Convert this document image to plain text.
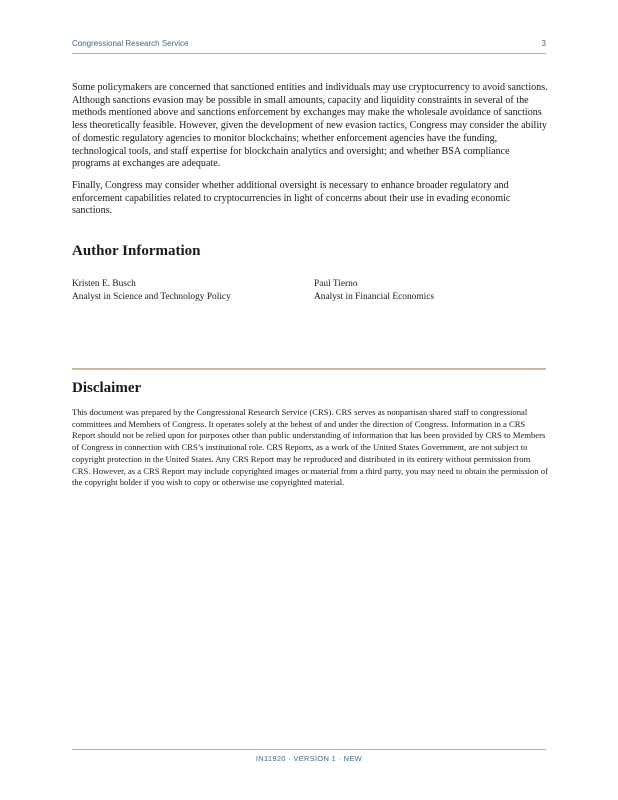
Congressional Research Service	3

Some policymakers are concerned that sanctioned entities and individuals may use cryptocurrency to avoid sanctions. Although sanctions evasion may be possible in small amounts, capacity and liquidity constraints in several of the methods mentioned above and sanctions enforcement by exchanges may make the wholesale avoidance of sanctions less theoretically feasible. However, given the development of new evasion tactics, Congress may consider the ability of domestic regulatory agencies to monitor blockchains; whether enforcement agencies have the funding, technological tools, and staff expertise for blockchain analytics and oversight; and whether BSA compliance programs at exchanges are adequate.

Finally, Congress may consider whether additional oversight is necessary to enhance broader regulatory and enforcement capabilities related to cryptocurrencies in light of concerns about their use in evading economic sanctions.

Author Information
Kristen E. Busch
Analyst in Science and Technology Policy
Paul Tierno
Analyst in Financial Economics
Disclaimer

This document was prepared by the Congressional Research Service (CRS). CRS serves as nonpartisan shared staff to congressional committees and Members of Congress. It operates solely at the behest of and under the direction of Congress. Information in a CRS Report should not be relied upon for purposes other than public understanding of information that has been provided by CRS to Members of Congress in connection with CRS’s institutional role. CRS Reports, as a work of the United States Government, are not subject to copyright protection in the United States. Any CRS Report may be reproduced and distributed in its entirety without permission from CRS. However, as a CRS Report may include copyrighted images or material from a third party, you may need to obtain the permission of the copyright holder if you wish to copy or otherwise use copyrighted material.

IN11920 · VERSION 1 · NEW
